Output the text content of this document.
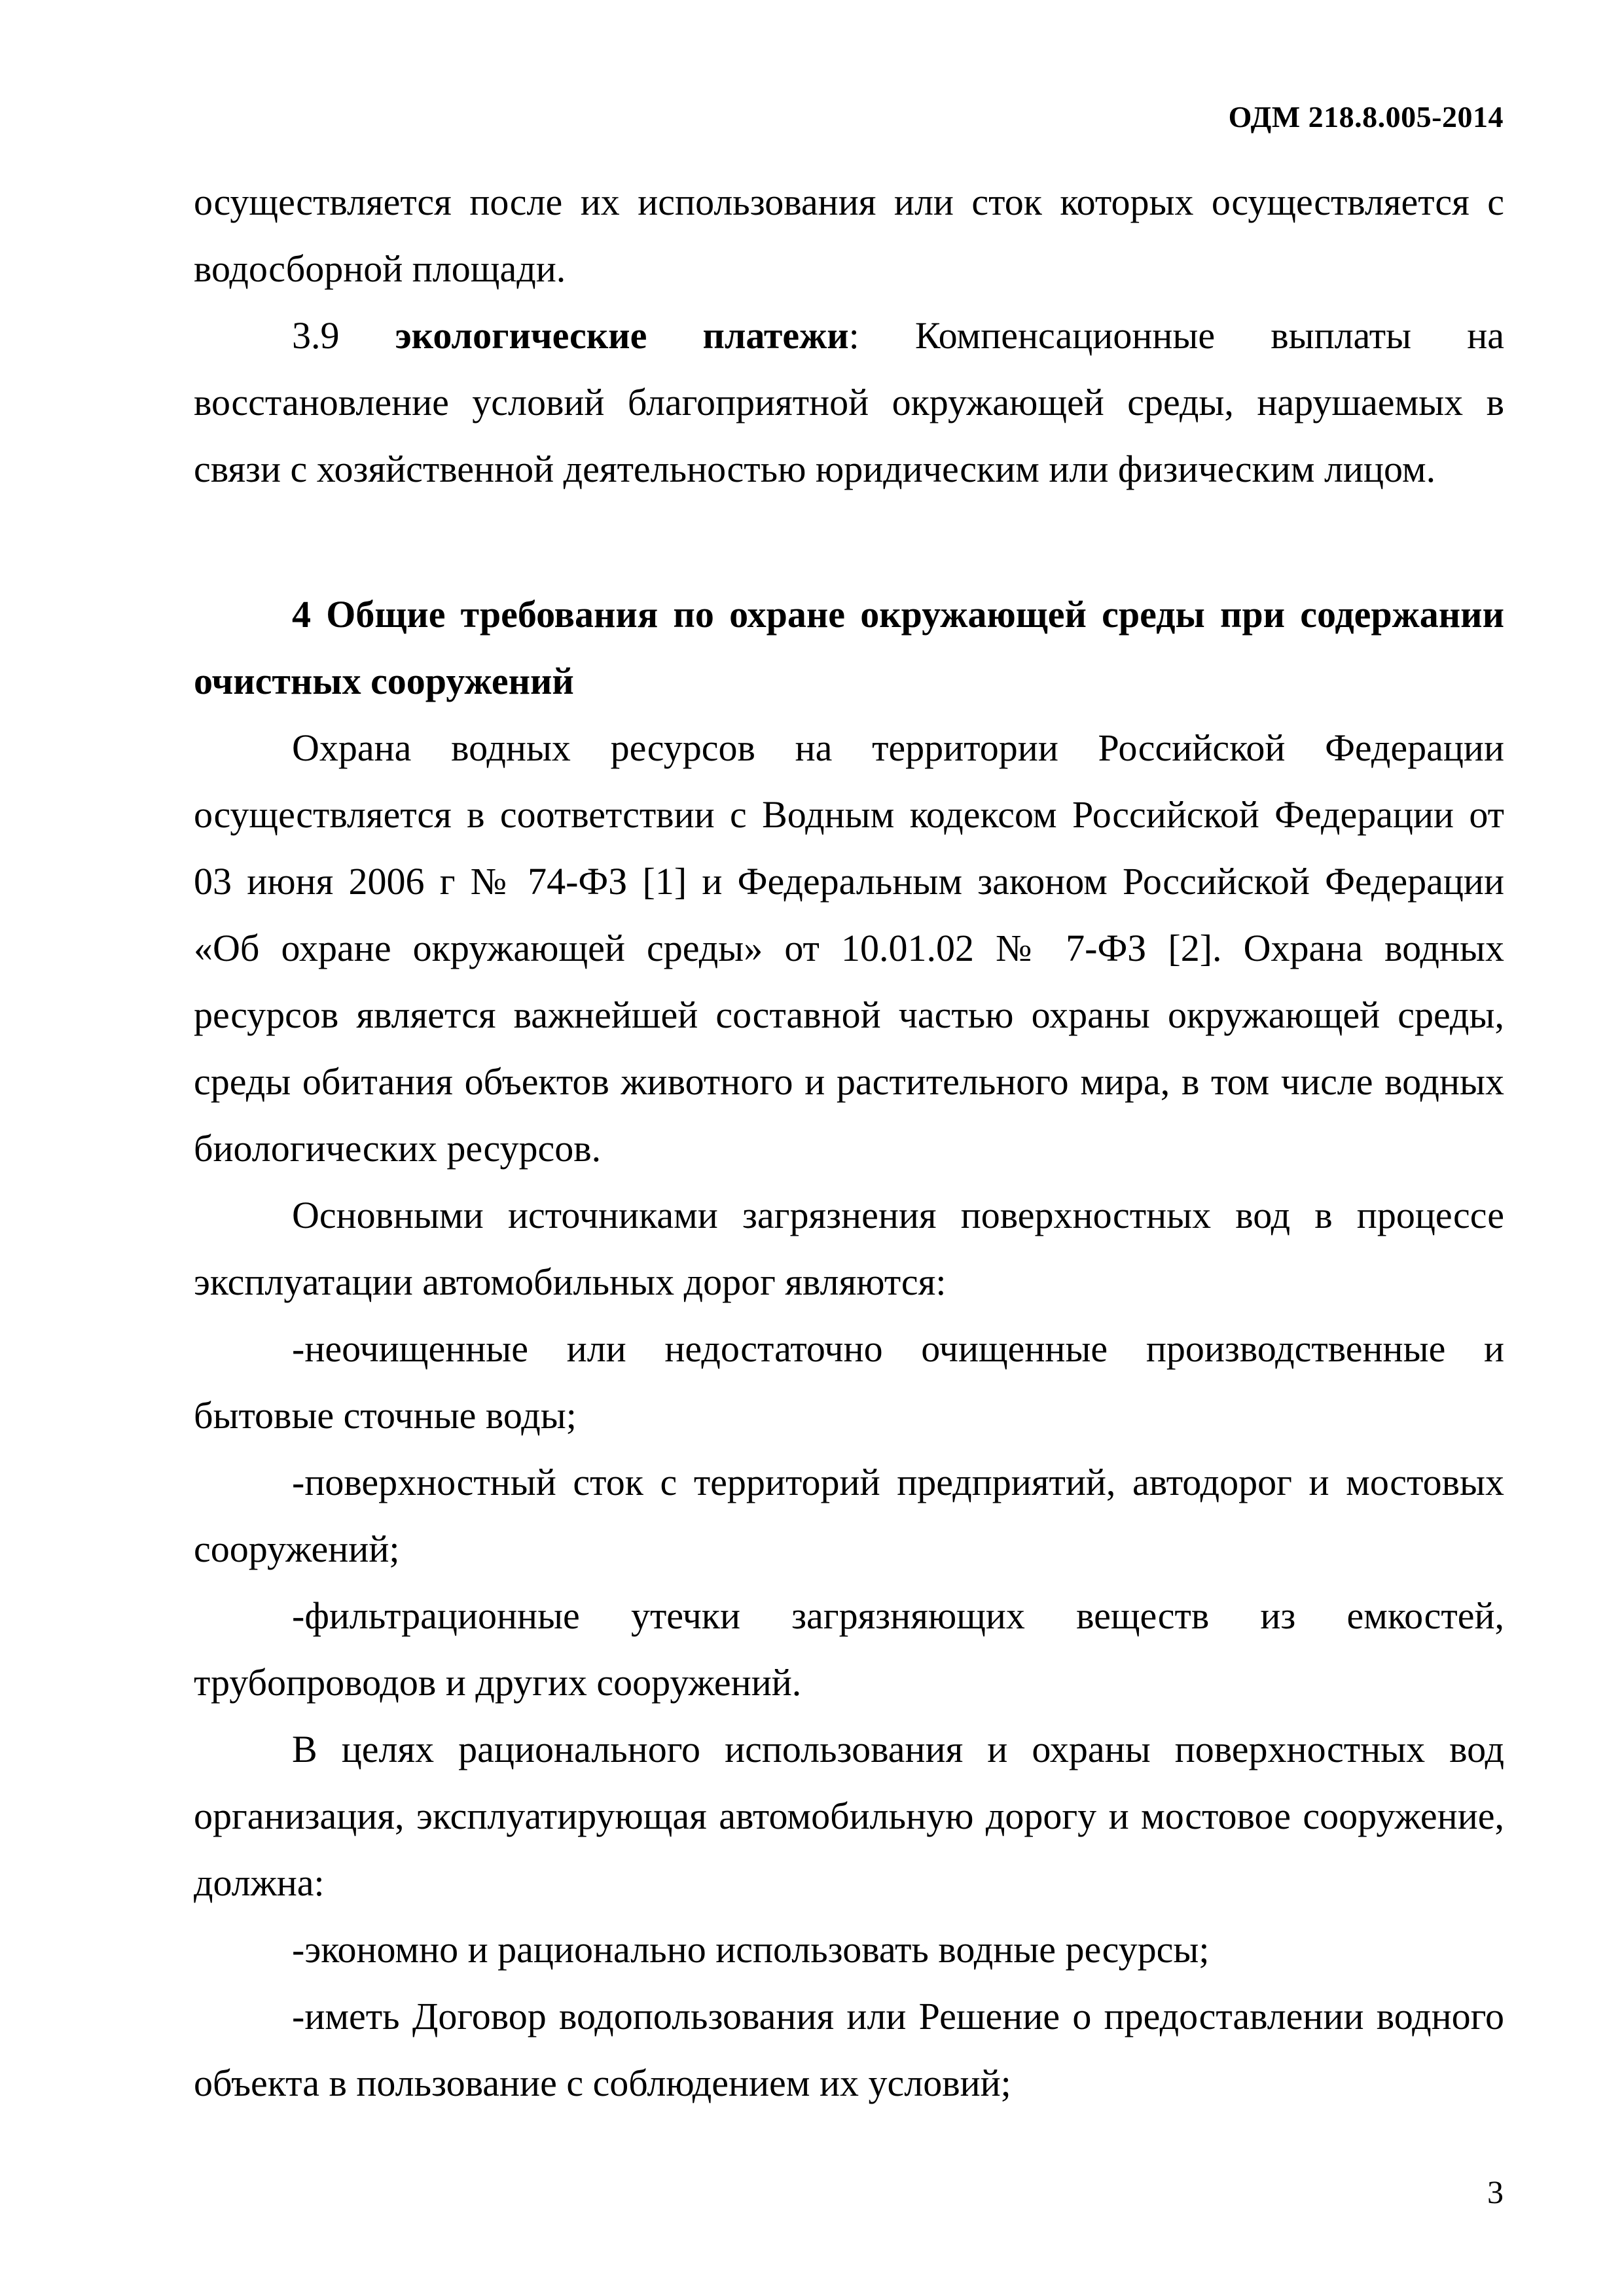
ОДМ 218.8.005-2014

осуществляется после их использования или сток которых осуществляется с водосборной площади.

3.9 экологические платежи: Компенсационные выплаты на восстановление условий благоприятной окружающей среды, нарушаемых в связи с хозяйственной деятельностью юридическим или физическим лицом.

4 Общие требования по охране окружающей среды при содержании очистных сооружений

Охрана водных ресурсов на территории Российской Федерации осуществляется в соответствии с Водным кодексом Российской Федерации от 03 июня 2006 г № 74-ФЗ [1] и Федеральным законом Российской Федерации «Об охране окружающей среды» от 10.01.02 № 7-ФЗ [2]. Охрана водных ресурсов является важнейшей составной частью охраны окружающей среды, среды обитания объектов животного и растительного мира, в том числе водных биологических ресурсов.

Основными источниками загрязнения поверхностных вод в процессе эксплуатации автомобильных дорог являются:

-неочищенные или недостаточно очищенные производственные и бытовые сточные воды;

-поверхностный сток с территорий предприятий, автодорог и мостовых сооружений;

-фильтрационные утечки загрязняющих веществ из емкостей, трубопроводов и других сооружений.

В целях рационального использования и охраны поверхностных вод организация, эксплуатирующая автомобильную дорогу и мостовое сооружение, должна:

-экономно и рационально использовать водные ресурсы;

-иметь Договор водопользования или Решение о предоставлении водного объекта в пользование с соблюдением их условий;

3
